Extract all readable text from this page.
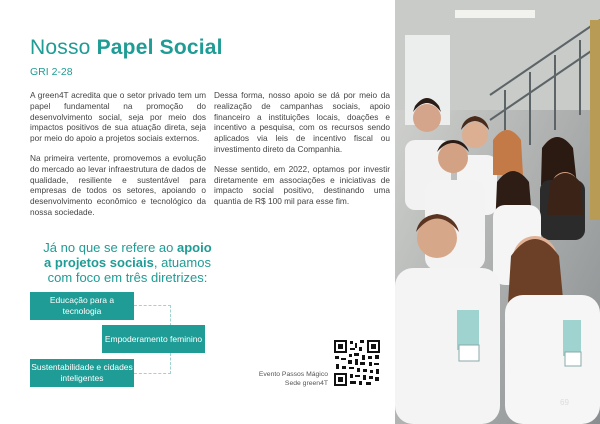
Nosso Papel Social
GRI 2-28

A green4T acredita que o setor privado tem um papel fundamental na promoção do desenvolvimento social, seja por meio dos impactos positivos de sua atuação direta, seja por meio do apoio a projetos sociais externos.

Na primeira vertente, promovemos a evolução do mercado ao levar infraestrutura de dados de qualidade, resiliente e sustentável para empresas de todos os setores, apoiando o desenvolvimento econômico e tecnológico da nossa sociedade.

Dessa forma, nosso apoio se dá por meio da realização de campanhas sociais, apoio financeiro a instituições locais, doações e incentivo a pesquisa, com os recursos sendo aplicados via leis de incentivo fiscal ou investimento direto da Companhia.

Nesse sentido, em 2022, optamos por investir diretamente em associações e iniciativas de impacto social positivo, destinando uma quantia de R$ 100 mil para esse fim.

Já no que se refere ao apoio a projetos sociais, atuamos com foco em três diretrizes:
Educação para a tecnologia
Empoderamento feminino
Sustentabilidade e cidades inteligentes	Evento Passos Mágico
Sede green4T
69
